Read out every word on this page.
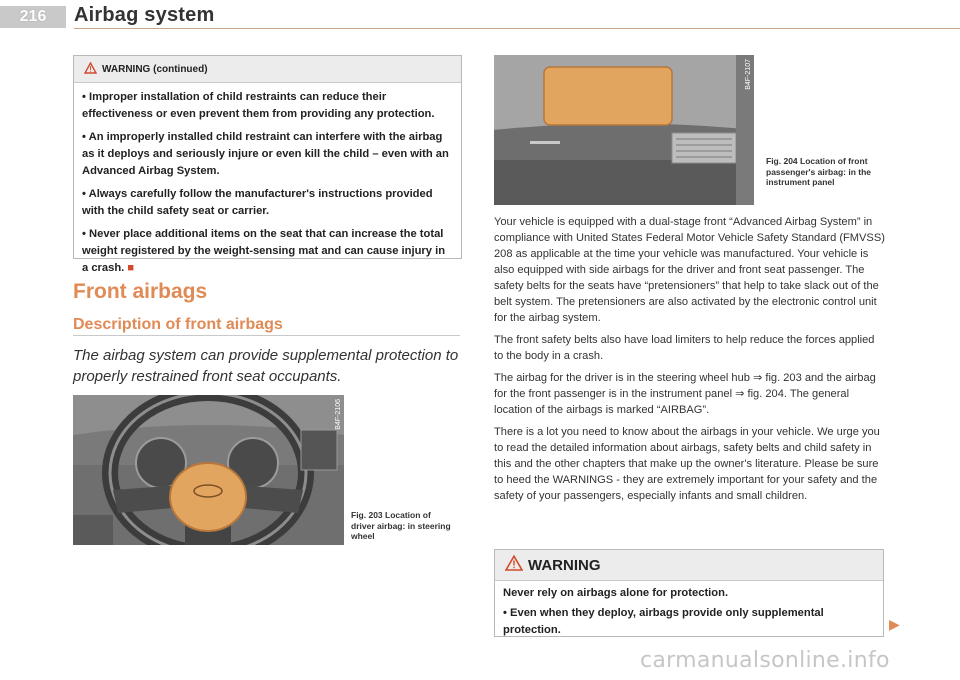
216 Airbag system
WARNING (continued)

• Improper installation of child restraints can reduce their effectiveness or even prevent them from providing any protection.

• An improperly installed child restraint can interfere with the airbag as it deploys and seriously injure or even kill the child – even with an Advanced Airbag System.

• Always carefully follow the manufacturer's instructions provided with the child safety seat or carrier.

• Never place additional items on the seat that can increase the total weight registered by the weight-sensing mat and can cause injury in a crash. ■

Front airbags
Description of front airbags
The airbag system can provide supplemental protection to properly restrained front seat occupants.
B4F-2106
Fig. 203 Location of driver airbag: in steering wheel
B4F-2107
Fig. 204 Location of front passenger's airbag: in the instrument panel

Your vehicle is equipped with a dual-stage front “Advanced Airbag System” in compliance with United States Federal Motor Vehicle Safety Standard (FMVSS) 208 as applicable at the time your vehicle was manufactured. Your vehicle is also equipped with side airbags for the driver and front seat passenger. The safety belts for the seats have “pretensioners” that help to take slack out of the belt system. The pretensioners are also activated by the electronic control unit for the airbag system.

The front safety belts also have load limiters to help reduce the forces applied to the body in a crash.

The airbag for the driver is in the steering wheel hub ⇒ fig. 203 and the airbag for the front passenger is in the instrument panel ⇒ fig. 204. The general location of the airbags is marked “AIRBAG”.

There is a lot you need to know about the airbags in your vehicle. We urge you to read the detailed information about airbags, safety belts and child safety in this and the other chapters that make up the owner's literature. Please be sure to heed the WARNINGS - they are extremely important for your safety and the safety of your passengers, especially infants and small children.

WARNING

Never rely on airbags alone for protection.

• Even when they deploy, airbags provide only supplemental protection.	▶
carmanualsonline.info
